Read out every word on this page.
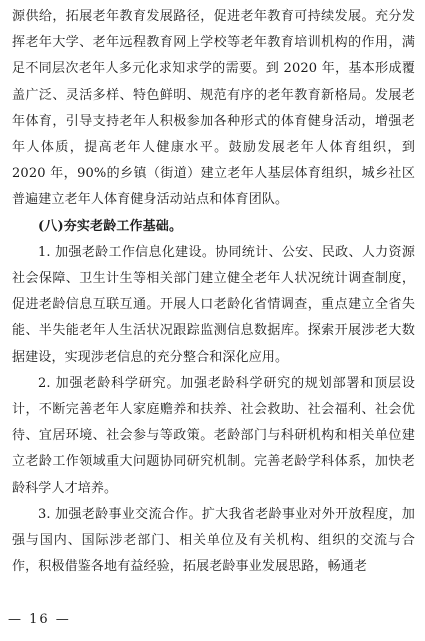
源供给，拓展老年教育发展路径，促进老年教育可持续发展。充分发挥老年大学、老年远程教育网上学校等老年教育培训机构的作用，满足不同层次老年人多元化求知求学的需要。到 2020 年，基本形成覆盖广泛、灵活多样、特色鲜明、规范有序的老年教育新格局。发展老年体育，引导支持老年人积极参加各种形式的体育健身活动，增强老年人体质，提高老年人健康水平。鼓励发展老年人体育组织，到 2020 年，90%的乡镇（街道）建立老年人基层体育组织，城乡社区普遍建立老年人体育健身活动站点和体育团队。

(八)夯实老龄工作基础。

1. 加强老龄工作信息化建设。协同统计、公安、民政、人力资源社会保障、卫生计生等相关部门建立健全老年人状况统计调查制度，促进老龄信息互联互通。开展人口老龄化省情调查，重点建立全省失能、半失能老年人生活状况跟踪监测信息数据库。探索开展涉老大数据建设，实现涉老信息的充分整合和深化应用。

2. 加强老龄科学研究。加强老龄科学研究的规划部署和顶层设计，不断完善老年人家庭赡养和扶养、社会救助、社会福利、社会优待、宜居环境、社会参与等政策。老龄部门与科研机构和相关单位建立老龄工作领域重大问题协同研究机制。完善老龄学科体系，加快老龄科学人才培养。

3. 加强老龄事业交流合作。扩大我省老龄事业对外开放程度，加强与国内、国际涉老部门、相关单位及有关机构、组织的交流与合作，积极借鉴各地有益经验，拓展老龄事业发展思路，畅通老

— 16 —
